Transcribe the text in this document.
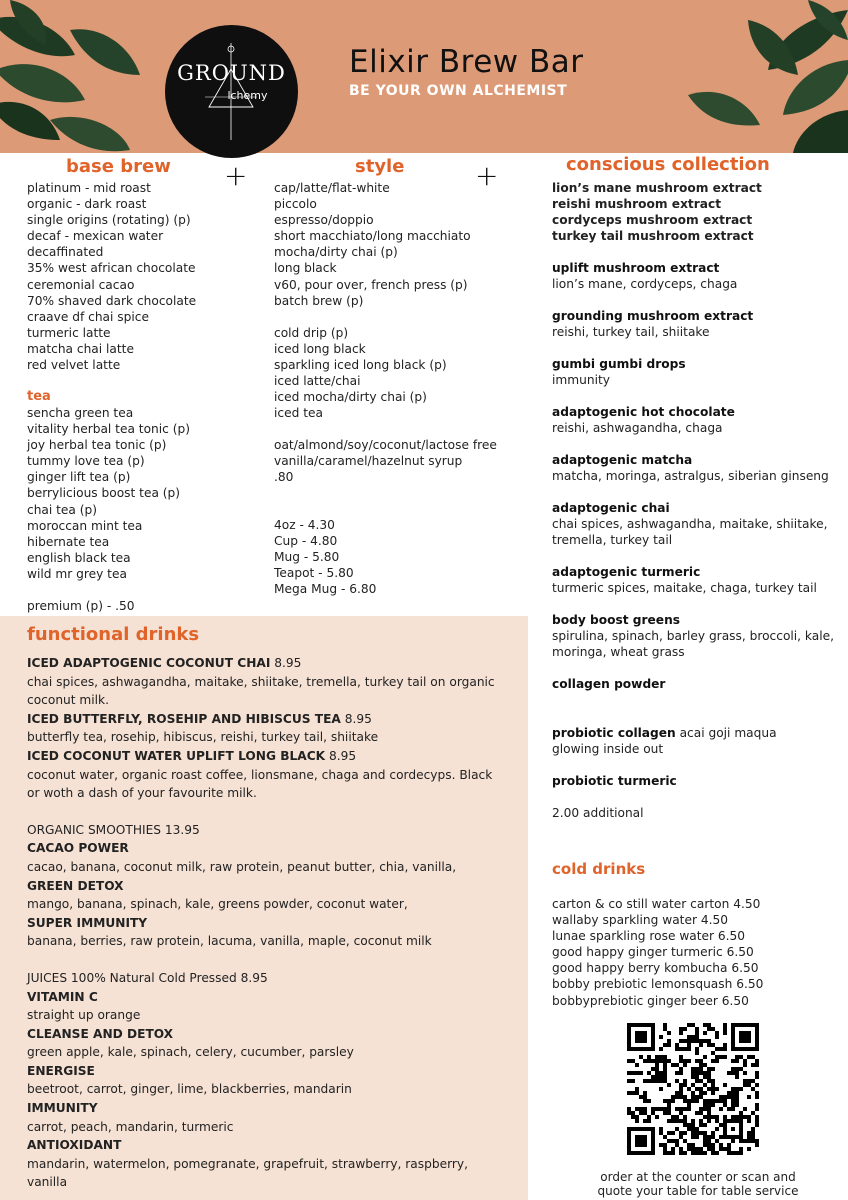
Elixir Brew Bar
BE YOUR OWN ALCHEMIST
GROUND
lchemy
base brew +
platinum - mid roast
organic - dark roast
single origins (rotating) (p)
decaf - mexican water
decaffinated
35% west african chocolate
ceremonial cacao
70% shaved dark chocolate
craave df chai spice
turmeric latte
matcha chai latte
red velvet latte
tea
sencha green tea
vitality herbal tea tonic (p)
joy herbal tea tonic (p)
tummy love tea (p)
ginger lift tea (p)
berrylicious boost tea (p)
chai tea (p)
moroccan mint tea
hibernate tea
english black tea
wild mr grey tea
premium (p) - .50
style	+
cap/latte/flat-white
piccolo
espresso/doppio
short macchiato/long macchiato
mocha/dirty chai (p)
long black
v60, pour over, french press (p)
batch brew (p)
cold drip (p)
iced long black
sparkling iced long black (p)
iced latte/chai
iced mocha/dirty chai (p)
iced tea
oat/almond/soy/coconut/lactose free
vanilla/caramel/hazelnut syrup
.80
4oz - 4.30
Cup - 4.80
Mug - 5.80
Teapot - 5.80
Mega Mug - 6.80
conscious collection
lion’s mane mushroom extract
reishi mushroom extract
cordyceps mushroom extract
turkey tail mushroom extract
uplift mushroom extract
lion’s mane, cordyceps, chaga
grounding mushroom extract
reishi, turkey tail, shiitake
gumbi gumbi drops
immunity
adaptogenic hot chocolate
reishi, ashwagandha, chaga
adaptogenic matcha
matcha, moringa, astralgus, siberian ginseng
adaptogenic chai
chai spices, ashwagandha, maitake, shiitake, tremella, turkey tail
adaptogenic turmeric
turmeric spices, maitake, chaga, turkey tail
body boost greens
spirulina, spinach, barley grass, broccoli, kale, moringa, wheat grass
collagen powder
probiotic collagen acai goji maqua
glowing inside out
probiotic turmeric
2.00 additional
cold drinks
carton & co still water carton 4.50
wallaby sparkling water 4.50
lunae sparkling rose water 6.50
good happy ginger turmeric 6.50
good happy berry kombucha 6.50
bobby prebiotic lemonsquash 6.50
bobbyprebiotic ginger beer 6.50
order at the counter or scan and quote your table for table service
functional drinks
ICED ADAPTOGENIC COCONUT CHAI 8.95
chai spices, ashwagandha, maitake, shiitake, tremella, turkey tail on organic coconut milk.
ICED BUTTERFLY, ROSEHIP AND HIBISCUS TEA 8.95
butterfly tea, rosehip, hibiscus, reishi, turkey tail, shiitake
ICED COCONUT WATER UPLIFT LONG BLACK 8.95
coconut water, organic roast coffee, lionsmane, chaga and cordecyps. Black or woth a dash of your favourite milk.
ORGANIC SMOOTHIES 13.95
CACAO POWER
cacao, banana, coconut milk, raw protein, peanut butter, chia, vanilla,
GREEN DETOX
mango, banana, spinach, kale, greens powder, coconut water,
SUPER IMMUNITY
banana, berries, raw protein, lacuma, vanilla, maple, coconut milk
JUICES 100% Natural Cold Pressed 8.95
VITAMIN C
straight up orange
CLEANSE AND DETOX
green apple, kale, spinach, celery, cucumber, parsley
ENERGISE
beetroot, carrot, ginger, lime, blackberries, mandarin
IMMUNITY
carrot, peach, mandarin, turmeric
ANTIOXIDANT
mandarin, watermelon, pomegranate, grapefruit, strawberry, raspberry, vanilla
